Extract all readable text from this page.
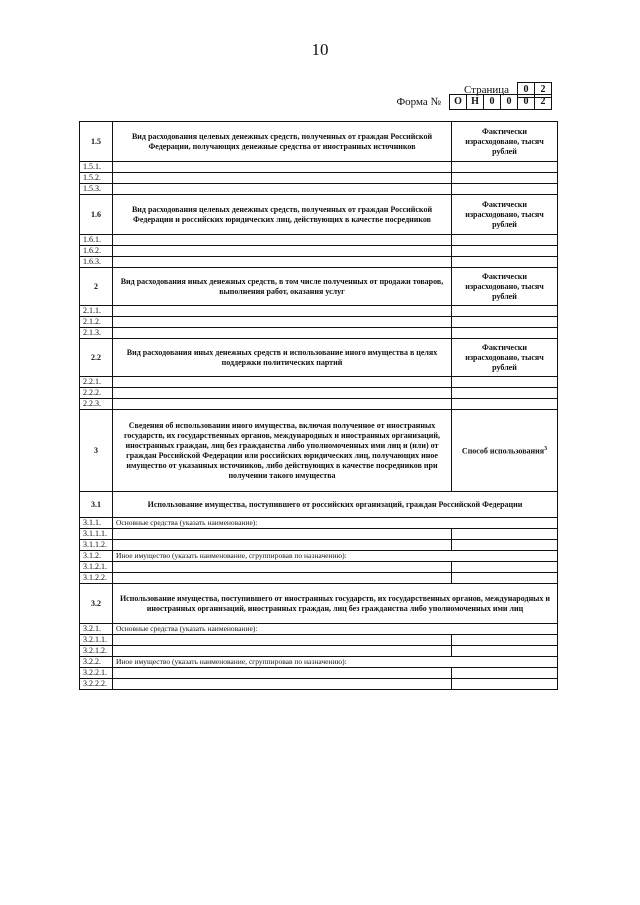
10
Страница	0	2
Форма №	О Н	0	0	0	2
1.5	Вид расходования целевых денежных средств, полученных от граждан Российской Федерации, получающих денежные средства от иностранных источников	Фактически израсходовано, тысяч рублей
1.5.1.		
1.5.2.		
1.5.3.		
1.6	Вид расходования целевых денежных средств, полученных от граждан Российской Федерации и российских юридических лиц, действующих в качестве посредников	Фактически израсходовано, тысяч рублей
1.6.1.		
1.6.2.		
1.6.3.		
2	Вид расходования иных денежных средств, в том числе полученных от продажи товаров, выполнения работ, оказания услуг	Фактически израсходовано, тысяч рублей
2.1.1.		
2.1.2.		
2.1.3.		
2.2	Вид расходования иных денежных средств и использование иного имущества в целях поддержки политических партий	Фактически израсходовано, тысяч рублей
2.2.1.		
2.2.2.		
2.2.3.		
3	Сведения об использовании иного имущества, включая полученное от иностранных государств, их государственных органов, международных и иностранных организаций, иностранных граждан, лиц без гражданства либо уполномоченных ими лиц и (или) от граждан Российской Федерации или российских юридических лиц, получающих иное имущество от указанных источников, либо действующих в качестве посредников при получении такого имущества	Способ использования$^3$
3.1	Использование имущества, поступившего от российских организаций, граждан Российской Федерации	
3.1.1.	Основные средства (указать наименование):	
3.1.1.1.		
3.1.1.2.		
3.1.2.	Иное имущество (указать наименование, сгруппировав по назначению):	
3.1.2.1.		
3.1.2.2.		
3.2	Использование имущества, поступившего от иностранных государств, их государственных органов, международных и иностранных организаций, иностранных граждан, лиц без гражданства либо уполномоченных ими лиц	
3.2.1.	Основные средства (указать наименование):	
3.2.1.1.		
3.2.1.2.		
3.2.2.	Иное имущество (указать наименование, сгруппировав по назначению):	
3.2.2.1.		
3.2.2.2.		
